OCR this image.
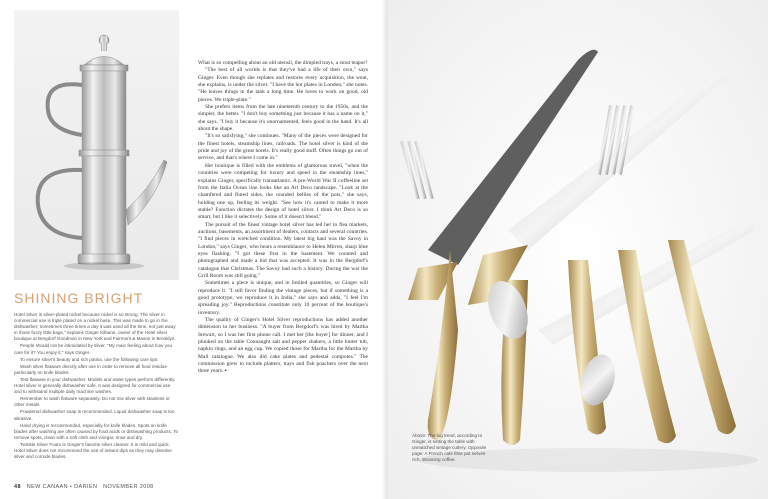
SHINING BRIGHT

Hotel Silver is silver-plated nickel because nickel is so strong. The silver in commercial use is triple plated on a nickel base. This was made to go in the dishwasher; sometimes three times a day it was used all the time, not just away in those fuzzy little bags," explains Ginger Kilbane, owner of the Hotel silver boutique at Bergdorf Goodman in New York and Fairmont & Mason in Brooklyn.

People should not be intimidated by silver. "My main feeling about how you care for it? You enjoy it," says Ginger.

To ensure silver's beauty and rich patina, use the following care tips:

Wash silver flatware directly after use in order to remove all food residue particularly on knife blades.

Test flatware in your dishwasher. Models and water types perform differently. Hotel silver is generally dishwasher safe. It was designed for commercial use and to withstand multiple daily machine washes.

Remember to wash flatware separately. Do not mix silver with stainless or other metals.

Powdered dishwasher soap is recommended. Liquid dishwasher soap is too abrasive.

Hand drying is recommended, especially for knife blades. Spots on knife blades after washing are often caused by food acids or dishwashing products. To remove spots, clean with a soft cloth and vinegar, rinse and dry.

Twinkle Silver Foam is Ginger's favorite silver cleaner. It is mild and quick. Hotel Silver does not recommend the use of instant dips as they may dissolve silver and corrode blades.

What is so compelling about an old utensil, the dimpled trays, a stout teapot?

"The best of all worlds is that they've had a life of their own," says Ginger. Even though she replates and restores every acquisition, the wear, she explains, is under the silver. "I have the hot plates in London," she notes. "He leaves things in the tank a long time. He loves to work on good, old pieces. We triple-plate."

She prefers items from the late nineteenth century to the 1950s, and the simpler, the better. "I don't buy something just because it has a name on it," she says. "I buy it because it's unornamented, feels good in the hand. It's all about the shape.

"It's so satisfying," she continues. "Many of the pieces were designed for the finest hotels, steamship lines, railroads. The hotel silver is kind of the pride and joy of the great hotels. It's really good stuff. Often things go out of service, and that's where I come in."

Her boutique is filled with the emblems of glamorous travel, "when the countries were competing for luxury and speed in the steamship lines," explains Ginger, specifically transatlantic. A pre-World War II coffeeline set from the Italia Ocean line looks like an Art Deco landscape. "Look at the chamfered and fluted sides, the rounded bellies of the pots," she says, holding one up, feeling its weight. "See how it's canted to make it more stable? Function dictates the design of hotel silver. I think Art Deco is so smart, but I like it selectively. Some of it doesn't blend."

The pursuit of the finest vintage hotel silver has led her to flea markets, auctions, basements, an assortment of dealers, contacts and several countries. "I find pieces in wretched condition. My latest big haul was the Savoy in London," says Ginger, who bears a resemblance to Helen Mirren, sharp blue eyes flashing. "I got these first in the basement. We counted and photographed and made a bid that was accepted. It was in the Bergdorf's catalogue that Christmas. The Savoy had such a history. During the war the Grill Room was still going."

Sometimes a piece is unique, and in limited quantities, so Ginger will reproduce it. "I still favor finding the vintage pieces, but if something is a good prototype, we reproduce it in India," she says and adds, "I feel I'm spreading joy." Reproductions constitute only 10 percent of the boutique's inventory.

The quality of Ginger's Hotel Silver reproductions has added another dimension to her business. "A buyer from Bergdorf's was hired by Martha Stewart, so I was her first phone call. I met her [the buyer] for dinner, and I plunked on the table Connaught salt and pepper shakers, a little butter tub, napkin rings, and an egg cup. We copied those for Martha for the Martha by Mail catalogue. We also did cake plates and pedestal compotes." The commission grew to include platters, trays and fish poachers over the next three years. ▪

48 NEW CANAAN • DARIEN NOVEMBER 2008
Above: The big trend, according to Ginger, is setting the table with unmatched vintage cutlery. Opposite page: A French café filtre pot serves rich, steaming coffee.
